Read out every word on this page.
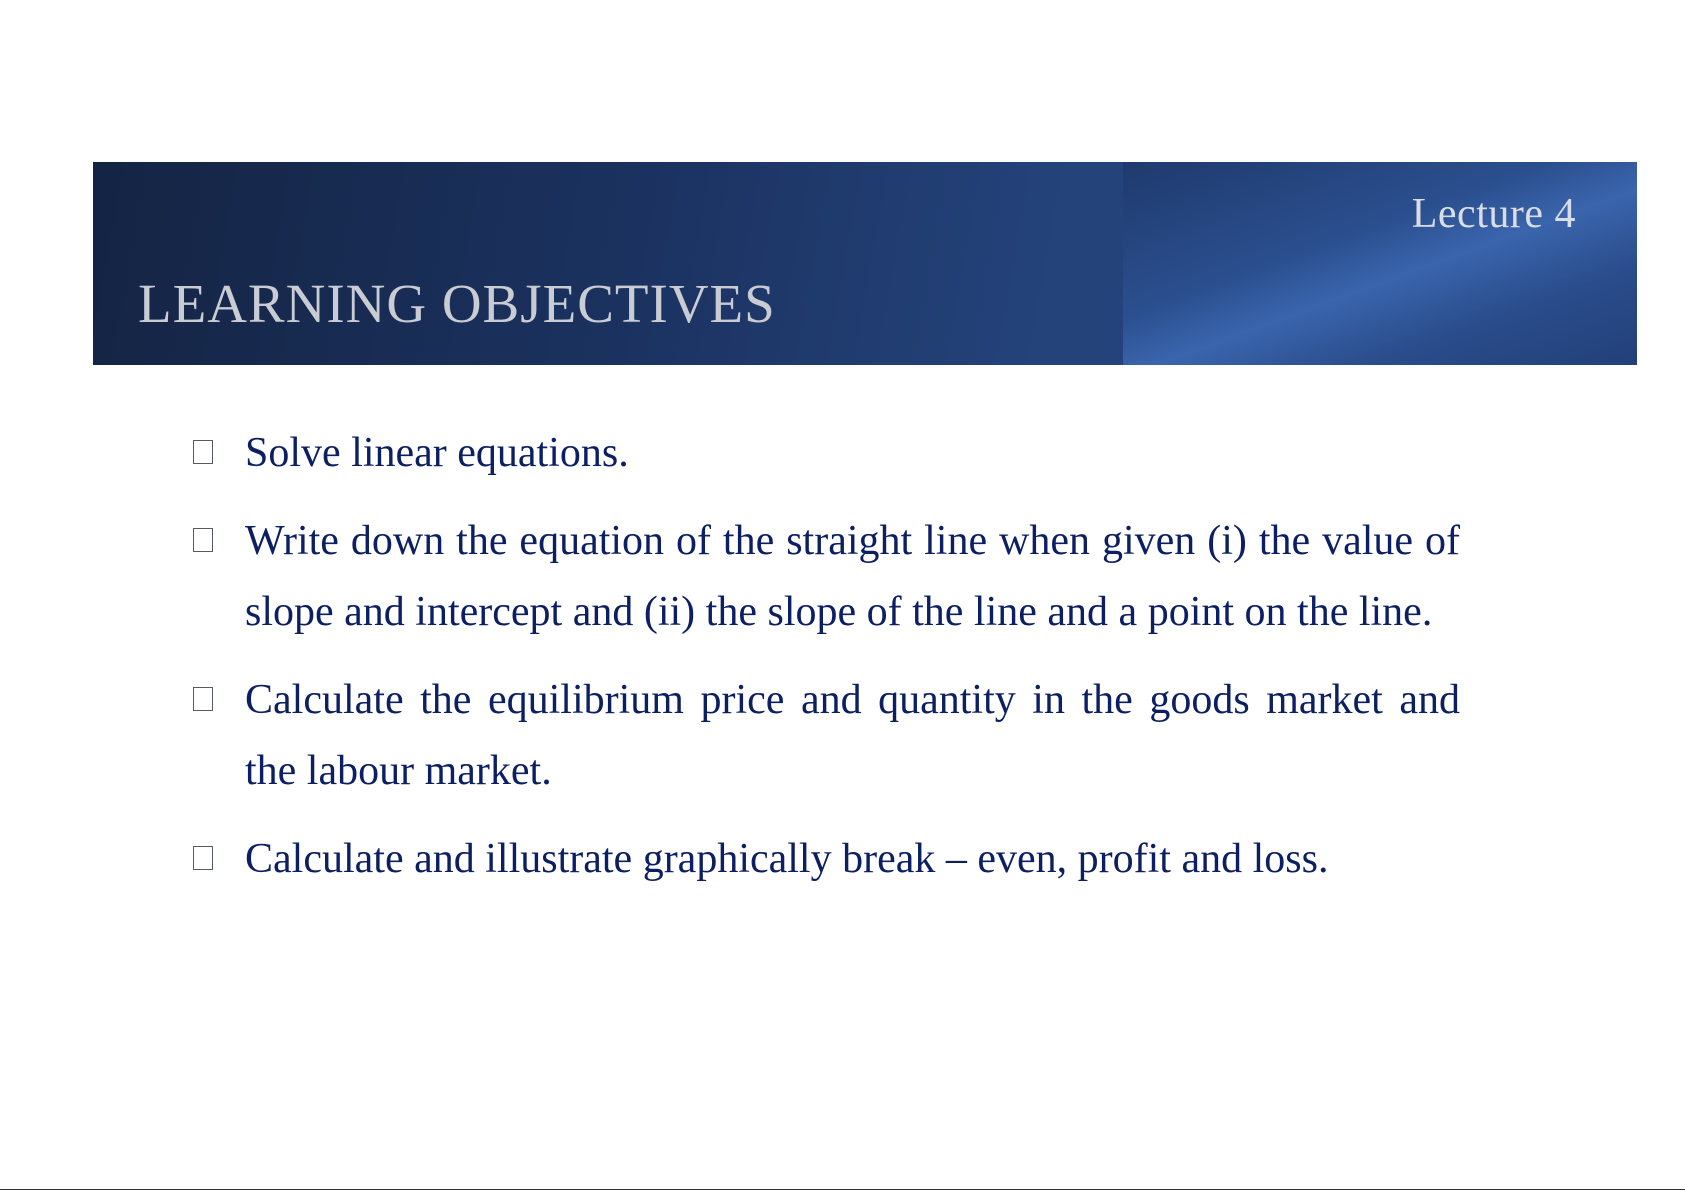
Lecture 4
LEARNING OBJECTIVES
Solve linear equations.
Write down the equation of the straight line when given (i) the value of slope and intercept and (ii) the slope of the line and a point on the line.
Calculate the equilibrium price and quantity in the goods market and the labour market.
Calculate and illustrate graphically break – even, profit and loss.
